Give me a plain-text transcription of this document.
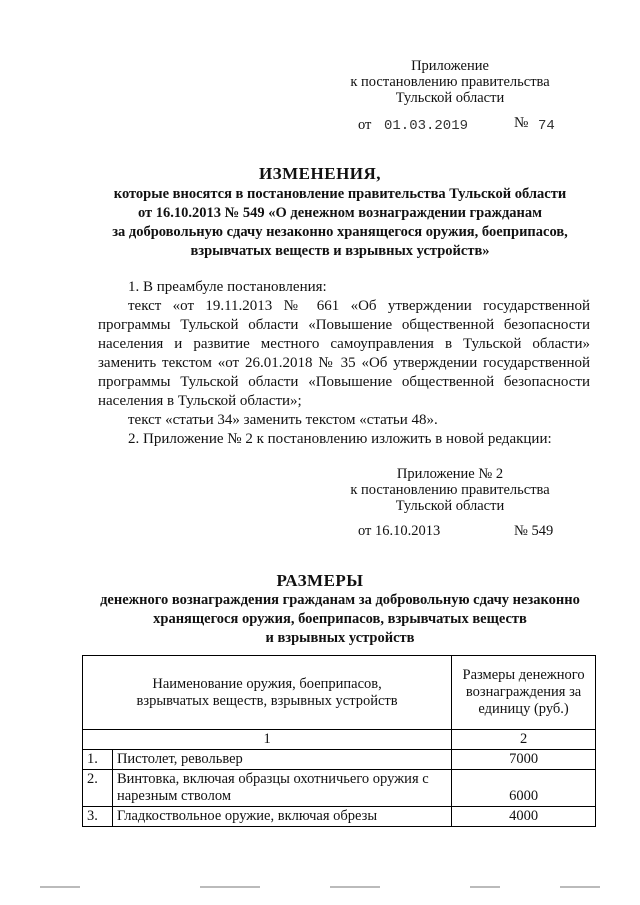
Приложение
к постановлению правительства
Тульской области
от 01.03.2019	№ 74
ИЗМЕНЕНИЯ,
которые вносятся в постановление правительства Тульской области
от 16.10.2013 № 549 «О денежном вознаграждении гражданам
за добровольную сдачу незаконно хранящегося оружия, боеприпасов,
взрывчатых веществ и взрывных устройств»
1. В преамбуле постановления:
текст «от 19.11.2013 № 661 «Об утверждении государственной программы Тульской области «Повышение общественной безопасности населения и развитие местного самоуправления в Тульской области» заменить текстом «от 26.01.2018 № 35 «Об утверждении государственной программы Тульской области «Повышение общественной безопасности населения в Тульской области»;
текст «статьи 34» заменить текстом «статьи 48».
2. Приложение № 2 к постановлению изложить в новой редакции:
Приложение № 2
к постановлению правительства
Тульской области
от 16.10.2013	№ 549
РАЗМЕРЫ
денежного вознаграждения гражданам за добровольную сдачу незаконно
хранящегося оружия, боеприпасов, взрывчатых веществ
и взрывных устройств
Наименование оружия, боеприпасов, взрывчатых веществ, взрывных устройств		Размеры денежного вознаграждения за единицу (руб.)
1		2
1.	Пистолет, револьвер	7000
2.	Винтовка, включая образцы охотничьего оружия с нарезным стволом	6000
3.	Гладкоствольное оружие, включая обрезы	4000
